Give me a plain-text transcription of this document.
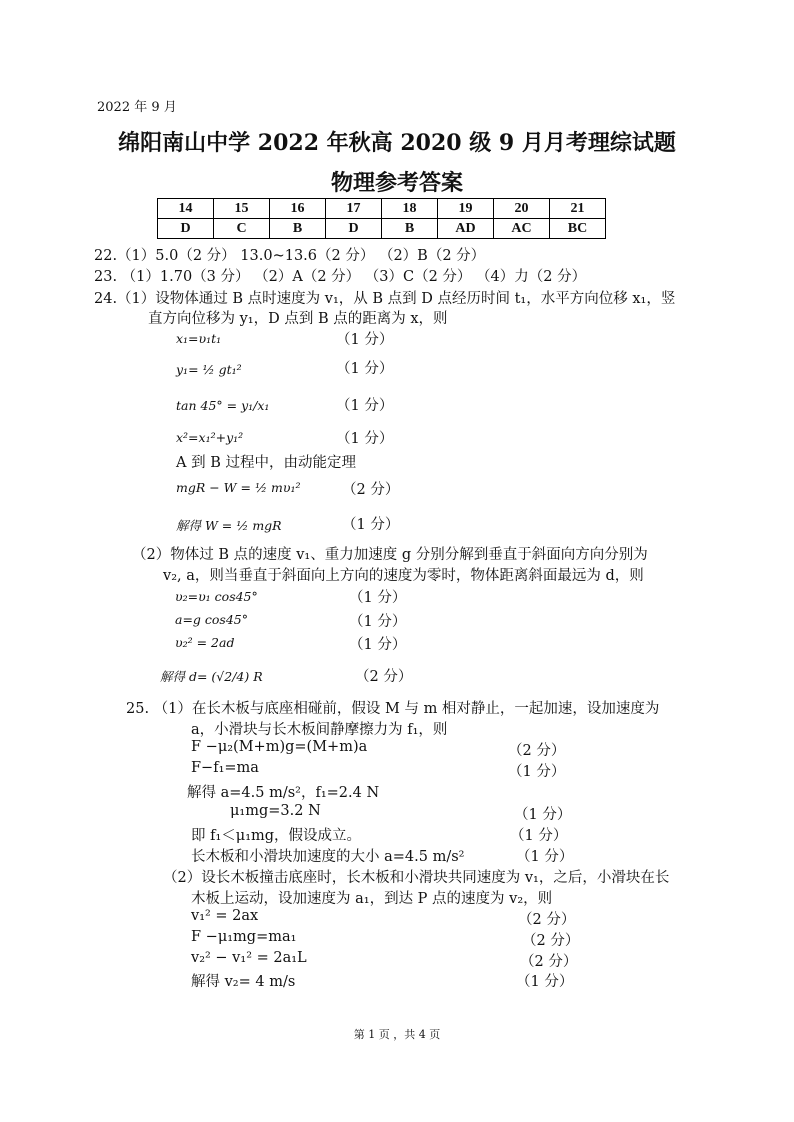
2022 年 9 月
绵阳南山中学 2022 年秋高 2020 级 9 月月考理综试题
物理参考答案
14	15	16	17	18	19	20	21
D	C	B	D	B	AD	AC	BC
22.（1）5.0（2 分） 13.0~13.6（2 分） （2）B（2 分）
23. （1）1.70（3 分） （2）A（2 分） （3）C（2 分） （4）力（2 分）
24.（1）设物体通过 B 点时速度为 v₁，从 B 点到 D 点经历时间 t₁，水平方向位移 x₁，竖
直方向位移为 y₁，D 点到 B 点的距离为 x，则
x₁=υ₁t₁	（1 分）
y₁= ½ gt₁²	（1 分）
tan 45° = y₁/x₁	（1 分）
x²=x₁²+y₁²	（1 分）
A 到 B 过程中，由动能定理
mgR − W = ½ mυ₁²	（2 分）
解得 W = ½ mgR	（1 分）
（2）物体过 B 点的速度 v₁、重力加速度 g 分别分解到垂直于斜面向方向分别为
v₂, a，则当垂直于斜面向上方向的速度为零时，物体距离斜面最远为 d，则
υ₂=υ₁ cos45°	（1 分）
a=g cos45°	（1 分）
υ₂² = 2ad	（1 分）
解得 d= (√2/4) R	（2 分）
25. （1）在长木板与底座相碰前，假设 M 与 m 相对静止，一起加速，设加速度为
a，小滑块与长木板间静摩擦力为 f₁，则
F −μ₂(M+m)g=(M+m)a	（2 分）
F−f₁=ma	（1 分）
解得 a=4.5 m/s²，f₁=2.4 N
μ₁mg=3.2 N	（1 分）
即 f₁＜μ₁mg，假设成立。	（1 分）
长木板和小滑块加速度的大小 a=4.5 m/s²	（1 分）
（2）设长木板撞击底座时，长木板和小滑块共同速度为 v₁，之后，小滑块在长
木板上运动，设加速度为 a₁，到达 P 点的速度为 v₂，则
v₁² = 2ax	（2 分）
F −μ₁mg=ma₁	（2 分）
v₂² − v₁² = 2a₁L	（2 分）
解得 v₂= 4 m/s	（1 分）
第 1 页 ，共 4 页
